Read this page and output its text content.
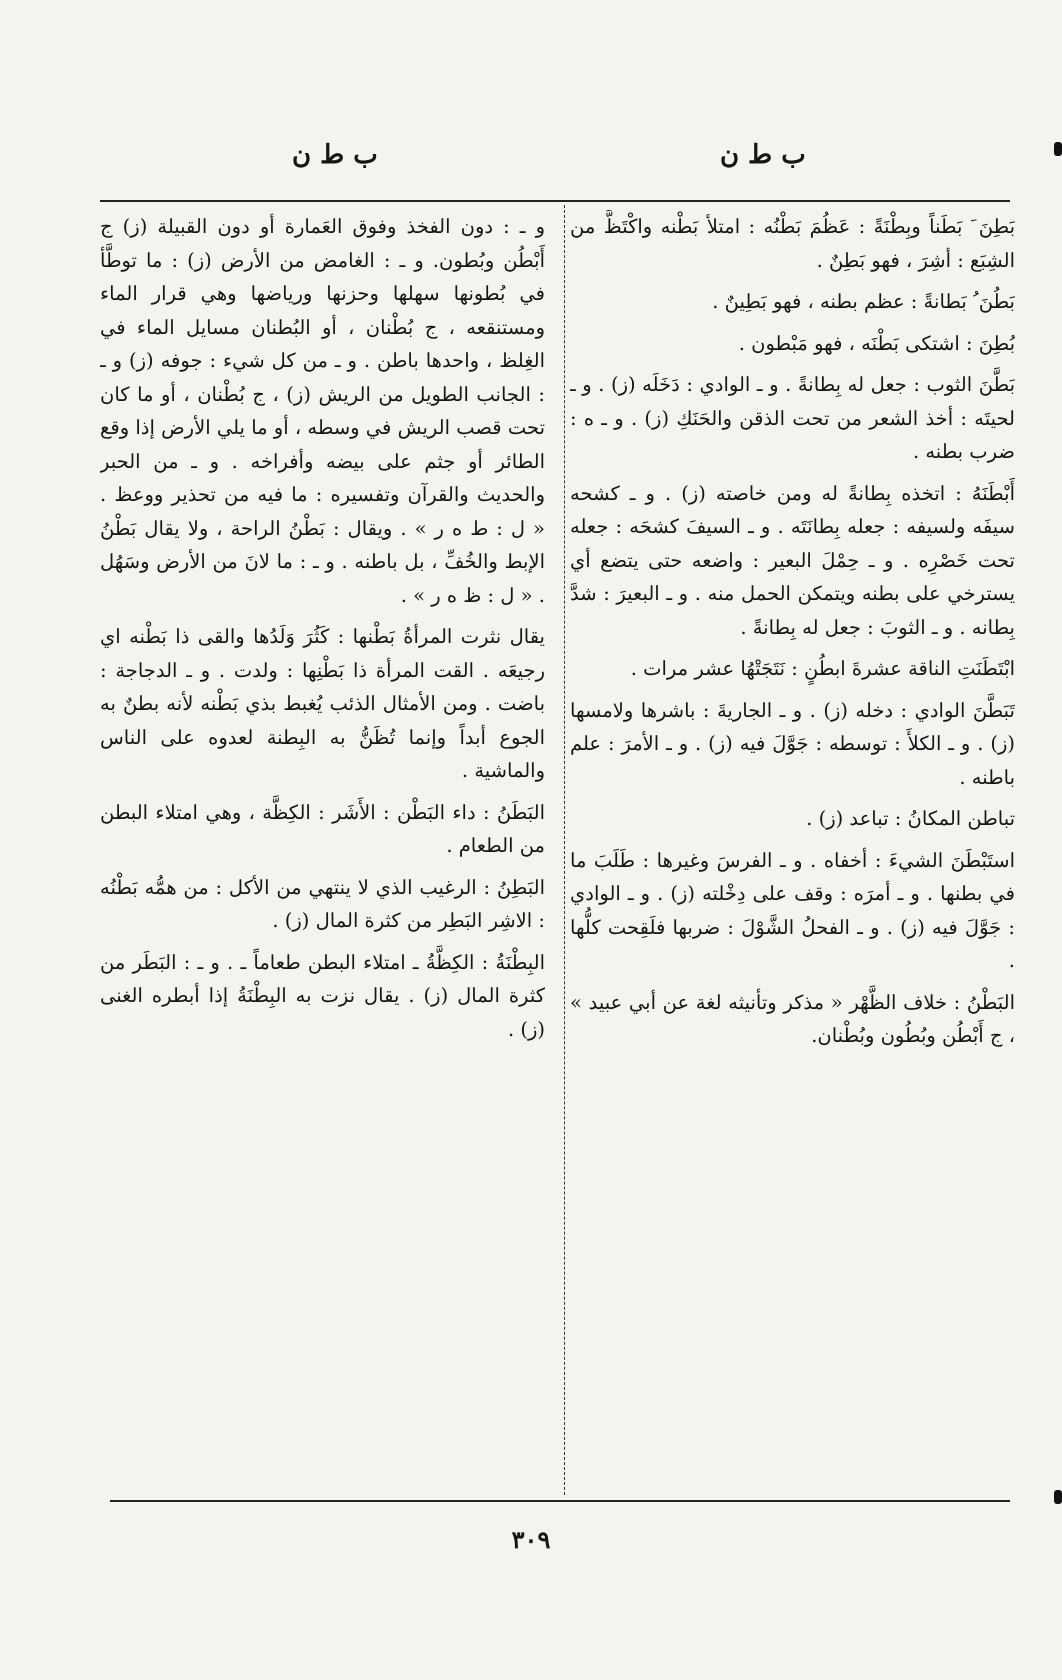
ب ط ن
ب ط ن

بَطِنَ َ بَطَناً وبِطْنَةً : عَظُمَ بَطْنُه : امتلأ بَطْنه واكْتَظَّ من الشِبَع : أشِرَ ، فهو بَطِنٌ .

بَطُنَ ُ بَطانةً : عظم بطنه ، فهو بَطِينٌ .

بُطِنَ : اشتكى بَطْنَه ، فهو مَبْطون .

بَطَّنَ الثوب : جعل له بِطانةً . و ـ الوادي : دَخَلَه (ز) . و ـ لحيتَه : أخذ الشعر من تحت الذقن والحَنَكِ (ز) . و ـ ه : ضرب بطنه .

أَبْطَنَهُ : اتخذه بِطانةً له ومن خاصته (ز) . و ـ كشحه سيفَه ولسيفه : جعله بِطانَتَه . و ـ السيفَ كشحَه : جعله تحت خَصْرِه . و ـ حِمْلَ البعير : واضعه حتى يتضع أي يسترخي على بطنه ويتمكن الحمل منه . و ـ البعيرَ : شدَّ بِطانه . و ـ الثوبَ : جعل له بِطانةً .

ابْتَطَنَتِ الناقة عشرةَ ابطُنٍ : نَتَجَتْهُا عشر مرات .

تَبَطَّنَ الوادي : دخله (ز) . و ـ الجاريةَ : باشرها ولامسها (ز) . و ـ الكلأَ : توسطه : جَوَّلَ فيه (ز) . و ـ الأمرَ : علم باطنه .

تباطن المكانُ : تباعد (ز) .

استَبْطَنَ الشيءَ : أخفاه . و ـ الفرسَ وغيرها : طَلَبَ ما في بطنها . و ـ أمرَه : وقف على دِخْلته (ز) . و ـ الوادي : جَوَّلَ فيه (ز) . و ـ الفحلُ الشَّوْلَ : ضربها فلَقِحت كلُّها .

البَطْنُ : خلاف الظَّهْر « مذكر وتأنيثه لغة عن أبي عبيد » ، ج أَبْطُن وبُطُون وبُطْنان.

و ـ : دون الفخذ وفوق العَمارة أو دون القبيلة (ز) ج أَبْطُن وبُطون. و ـ : الغامض من الأرض (ز) : ما توطَّأ في بُطونها سهلها وحزنها ورياضها وهي قرار الماء ومستنقعه ، ج بُطْنان ، أو البُطنان مسايل الماء في الغِلظ ، واحدها باطن . و ـ من كل شيء : جوفه (ز) و ـ : الجانب الطويل من الريش (ز) ، ج بُطْنان ، أو ما كان تحت قصب الريش في وسطه ، أو ما يلي الأرض إذا وقع الطائر أو جثم على بيضه وأفراخه . و ـ من الحبر والحديث والقرآن وتفسيره : ما فيه من تحذير ووعظ . « ل : ط ه ر » . ويقال : بَطْنُ الراحة ، ولا يقال بَطْنُ الإبط والخُفِّ ، بل باطنه . و ـ : ما لانَ من الأرض وسَهُل . « ل : ظ ه ر » .

يقال نثرت المرأةُ بَطْنها : كَثُرَ وَلَدُها والقى ذا بَطْنه اي رجيعَه . القت المرأة ذا بَطْنِها : ولدت . و ـ الدجاجة : باضت . ومن الأمثال الذئب يُغبط بذي بَطْنه لأنه بطنٌ به الجوع أبداً وإنما تُظَنُّ به البِطنة لعدوه على الناس والماشية .

البَطَنُ : داء البَطْن : الأَشَر : الكِظَّة ، وهي امتلاء البطن من الطعام .

البَطِنُ : الرغيب الذي لا ينتهي من الأكل : من همُّه بَطْنُه : الاشِر البَطِر من كثرة المال (ز) .

البِطْنَةُ : الكِظَّةُ ـ امتلاء البطن طعاماً ـ . و ـ : البَطَر من كثرة المال (ز) . يقال نزت به البِطْنَةُ إذا أبطره الغنى (ز) .

٣٠٩
